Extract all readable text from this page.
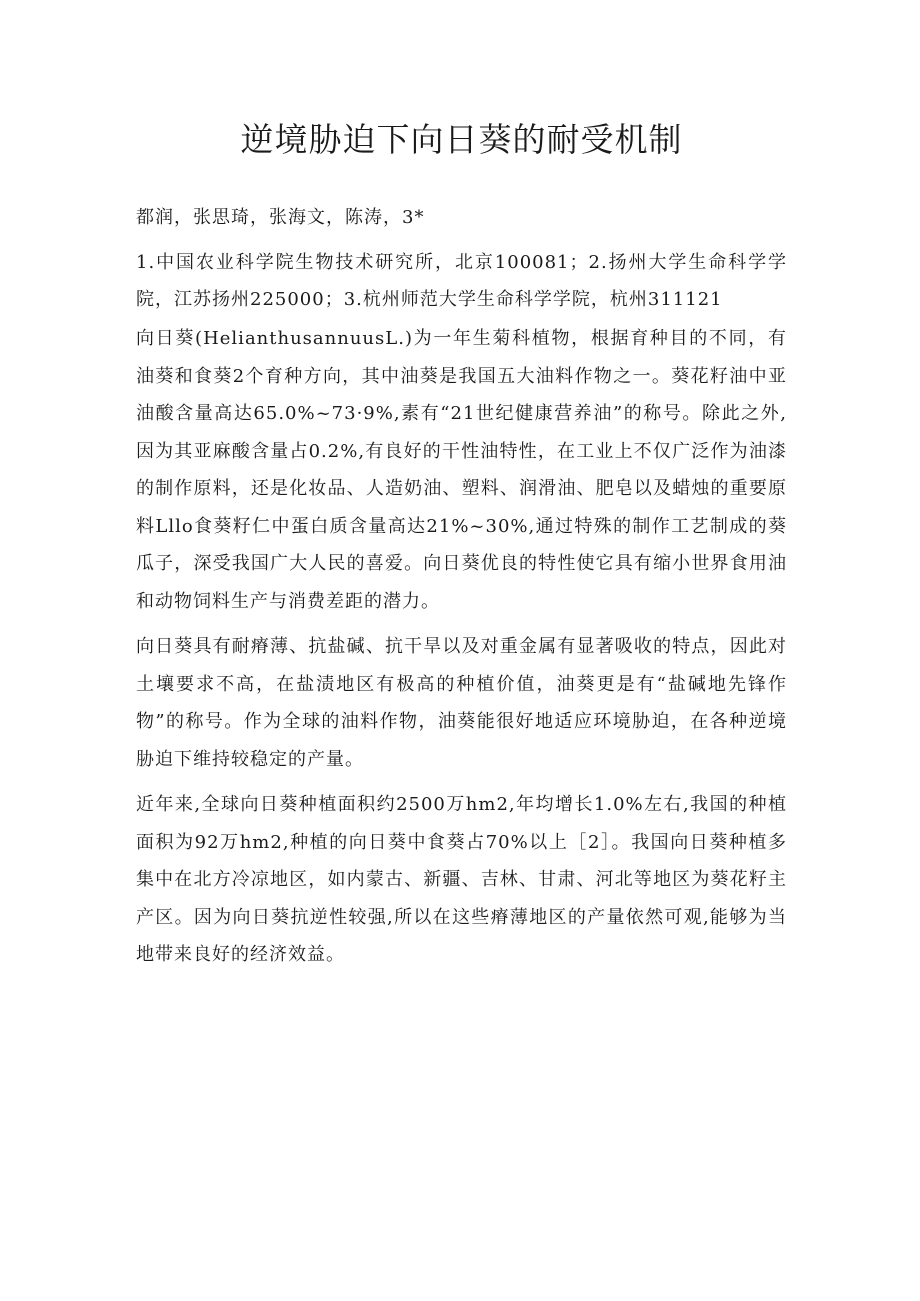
逆境胁迫下向日葵的耐受机制

都润，张思琦，张海文，陈涛，3*

1.中国农业科学院生物技术研究所，北京100081；2.扬州大学生命科学学院，江苏扬州225000；3.杭州师范大学生命科学学院，杭州311121

向日葵(HelianthusannuusL.)为一年生菊科植物，根据育种目的不同，有油葵和食葵2个育种方向，其中油葵是我国五大油料作物之一。葵花籽油中亚油酸含量高达65.0%~73·9%,素有“21世纪健康营养油”的称号。除此之外,因为其亚麻酸含量占0.2%,有良好的干性油特性，在工业上不仅广泛作为油漆的制作原料，还是化妆品、人造奶油、塑料、润滑油、肥皂以及蜡烛的重要原料Lllo食葵籽仁中蛋白质含量高达21%~30%,通过特殊的制作工艺制成的葵瓜子，深受我国广大人民的喜爱。向日葵优良的特性使它具有缩小世界食用油和动物饲料生产与消费差距的潜力。

向日葵具有耐瘠薄、抗盐碱、抗干旱以及对重金属有显著吸收的特点，因此对土壤要求不高，在盐渍地区有极高的种植价值，油葵更是有“盐碱地先锋作物”的称号。作为全球的油料作物，油葵能很好地适应环境胁迫，在各种逆境胁迫下维持较稳定的产量。

近年来,全球向日葵种植面积约2500万hm2,年均增长1.0%左右,我国的种植面积为92万hm2,种植的向日葵中食葵占70%以上［2］。我国向日葵种植多集中在北方冷凉地区，如内蒙古、新疆、吉林、甘肃、河北等地区为葵花籽主产区。因为向日葵抗逆性较强,所以在这些瘠薄地区的产量依然可观,能够为当地带来良好的经济效益。
